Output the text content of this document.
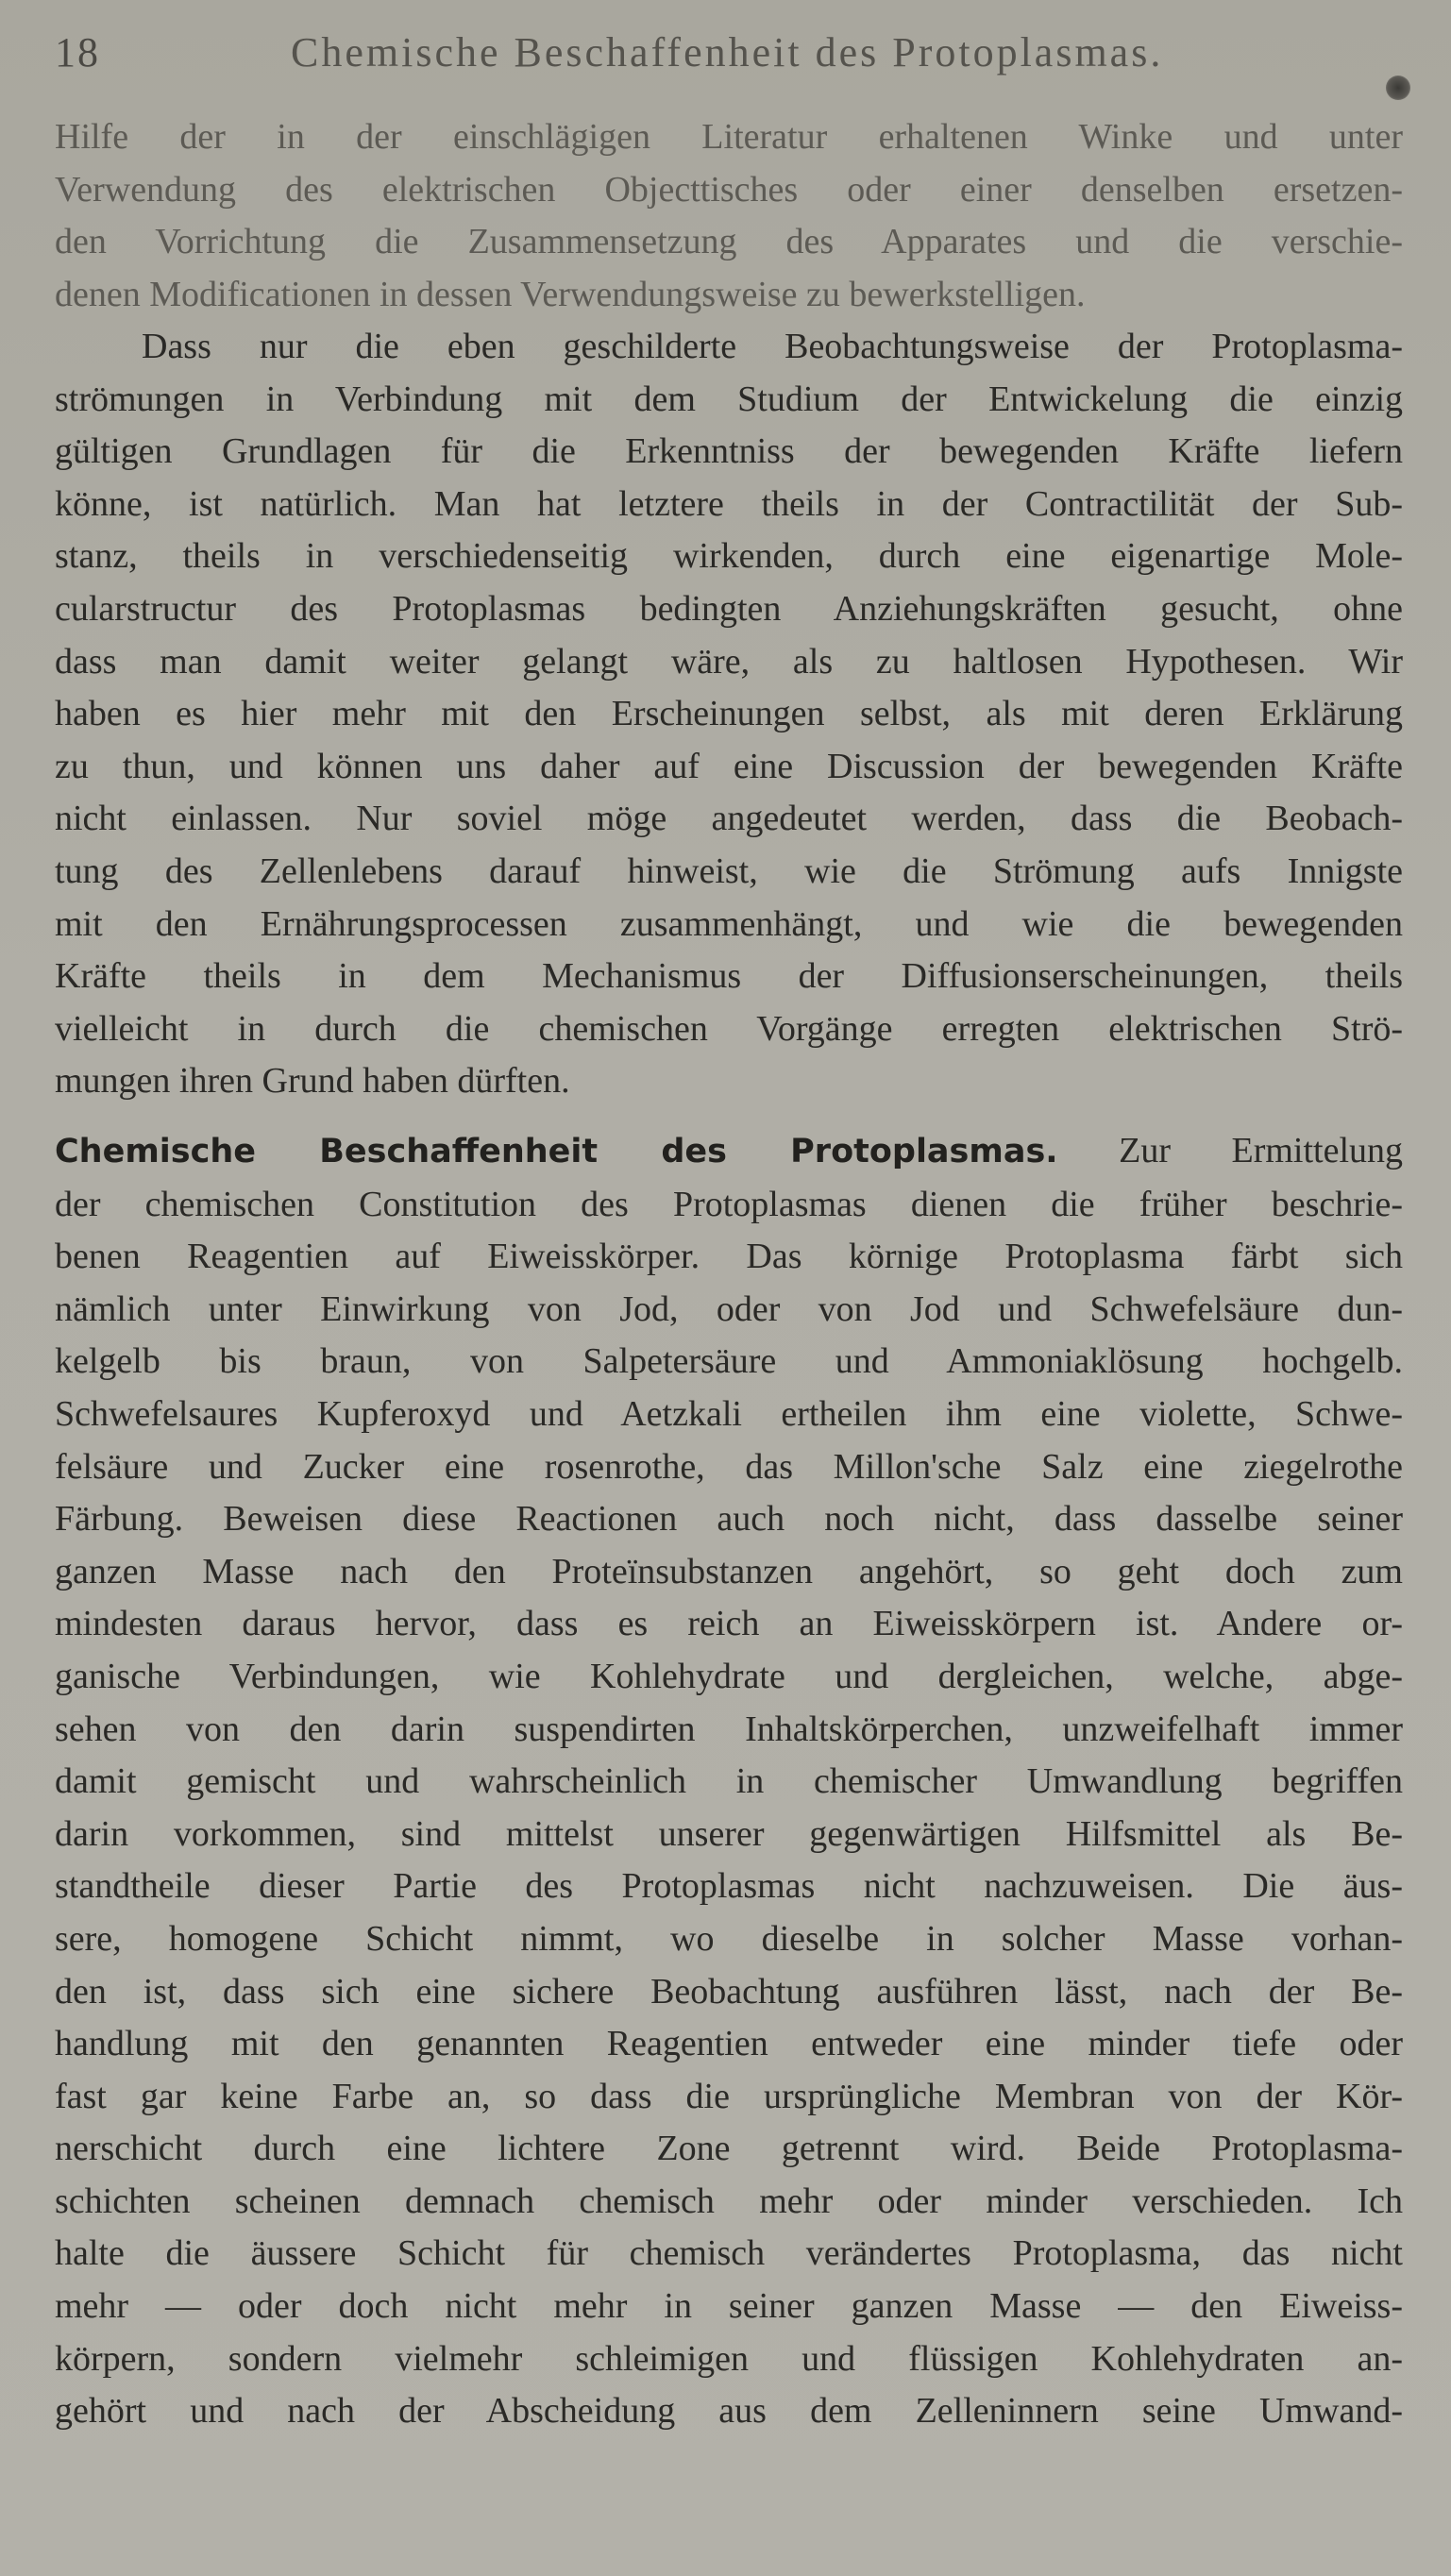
18	Chemische Beschaffenheit des Protoplasmas.
Hilfe der in der einschlägigen Literatur erhaltenen Winke und unter
Verwendung des elektrischen Objecttisches oder einer denselben ersetzen-
den Vorrichtung die Zusammensetzung des Apparates und die verschie-
denen Modificationen in dessen Verwendungsweise zu bewerkstelligen.
Dass nur die eben geschilderte Beobachtungsweise der Protoplasma-
strömungen in Verbindung mit dem Studium der Entwickelung die einzig
gültigen Grundlagen für die Erkenntniss der bewegenden Kräfte liefern
könne, ist natürlich. Man hat letztere theils in der Contractilität der Sub-
stanz, theils in verschiedenseitig wirkenden, durch eine eigenartige Mole-
cularstructur des Protoplasmas bedingten Anziehungskräften gesucht, ohne
dass man damit weiter gelangt wäre, als zu haltlosen Hypothesen. Wir
haben es hier mehr mit den Erscheinungen selbst, als mit deren Erklärung
zu thun, und können uns daher auf eine Discussion der bewegenden Kräfte
nicht einlassen. Nur soviel möge angedeutet werden, dass die Beobach-
tung des Zellenlebens darauf hinweist, wie die Strömung aufs Innigste
mit den Ernährungsprocessen zusammenhängt, und wie die bewegenden
Kräfte theils in dem Mechanismus der Diffusionserscheinungen, theils
vielleicht in durch die chemischen Vorgänge erregten elektrischen Strö-
mungen ihren Grund haben dürften.
Chemische Beschaffenheit des Protoplasmas. Zur Ermittelung
der chemischen Constitution des Protoplasmas dienen die früher beschrie-
benen Reagentien auf Eiweisskörper. Das körnige Protoplasma färbt sich
nämlich unter Einwirkung von Jod, oder von Jod und Schwefelsäure dun-
kelgelb bis braun, von Salpetersäure und Ammoniaklösung hochgelb.
Schwefelsaures Kupferoxyd und Aetzkali ertheilen ihm eine violette, Schwe-
felsäure und Zucker eine rosenrothe, das Millon'sche Salz eine ziegelrothe
Färbung. Beweisen diese Reactionen auch noch nicht, dass dasselbe seiner
ganzen Masse nach den Proteïnsubstanzen angehört, so geht doch zum
mindesten daraus hervor, dass es reich an Eiweisskörpern ist. Andere or-
ganische Verbindungen, wie Kohlehydrate und dergleichen, welche, abge-
sehen von den darin suspendirten Inhaltskörperchen, unzweifelhaft immer
damit gemischt und wahrscheinlich in chemischer Umwandlung begriffen
darin vorkommen, sind mittelst unserer gegenwärtigen Hilfsmittel als Be-
standtheile dieser Partie des Protoplasmas nicht nachzuweisen. Die äus-
sere, homogene Schicht nimmt, wo dieselbe in solcher Masse vorhan-
den ist, dass sich eine sichere Beobachtung ausführen lässt, nach der Be-
handlung mit den genannten Reagentien entweder eine minder tiefe oder
fast gar keine Farbe an, so dass die ursprüngliche Membran von der Kör-
nerschicht durch eine lichtere Zone getrennt wird. Beide Protoplasma-
schichten scheinen demnach chemisch mehr oder minder verschieden. Ich
halte die äussere Schicht für chemisch verändertes Protoplasma, das nicht
mehr — oder doch nicht mehr in seiner ganzen Masse — den Eiweiss-
körpern, sondern vielmehr schleimigen und flüssigen Kohlehydraten an-
gehört und nach der Abscheidung aus dem Zelleninnern seine Umwand-
